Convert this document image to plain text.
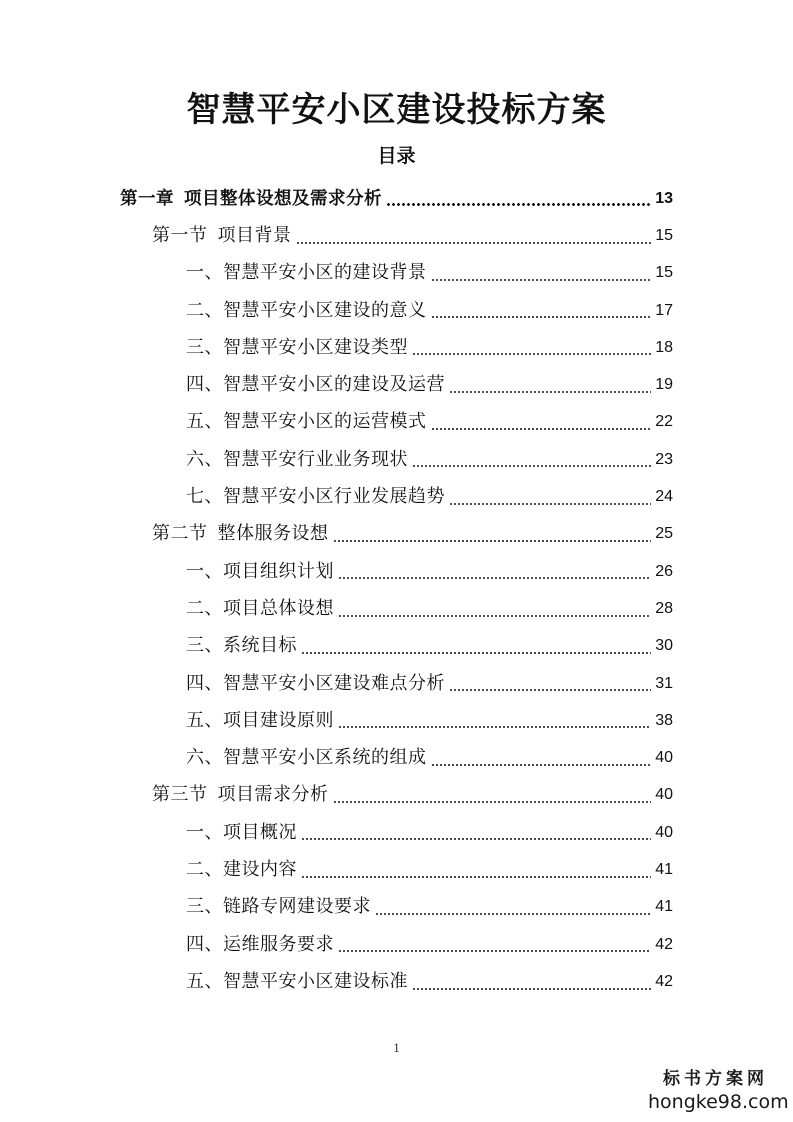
智慧平安小区建设投标方案
目录
第一章 项目整体设想及需求分析	13
第一节 项目背景	15
一、智慧平安小区的建设背景	15
二、智慧平安小区建设的意义	17
三、智慧平安小区建设类型	18
四、智慧平安小区的建设及运营	19
五、智慧平安小区的运营模式	22
六、智慧平安行业业务现状	23
七、智慧平安小区行业发展趋势	24
第二节 整体服务设想	25
一、项目组织计划	26
二、项目总体设想	28
三、系统目标	30
四、智慧平安小区建设难点分析	31
五、项目建设原则	38
六、智慧平安小区系统的组成	40
第三节 项目需求分析	40
一、项目概况	40
二、建设内容	41
三、链路专网建设要求	41
四、运维服务要求	42
五、智慧平安小区建设标准	42
1
标书方案网
hongke98.com
